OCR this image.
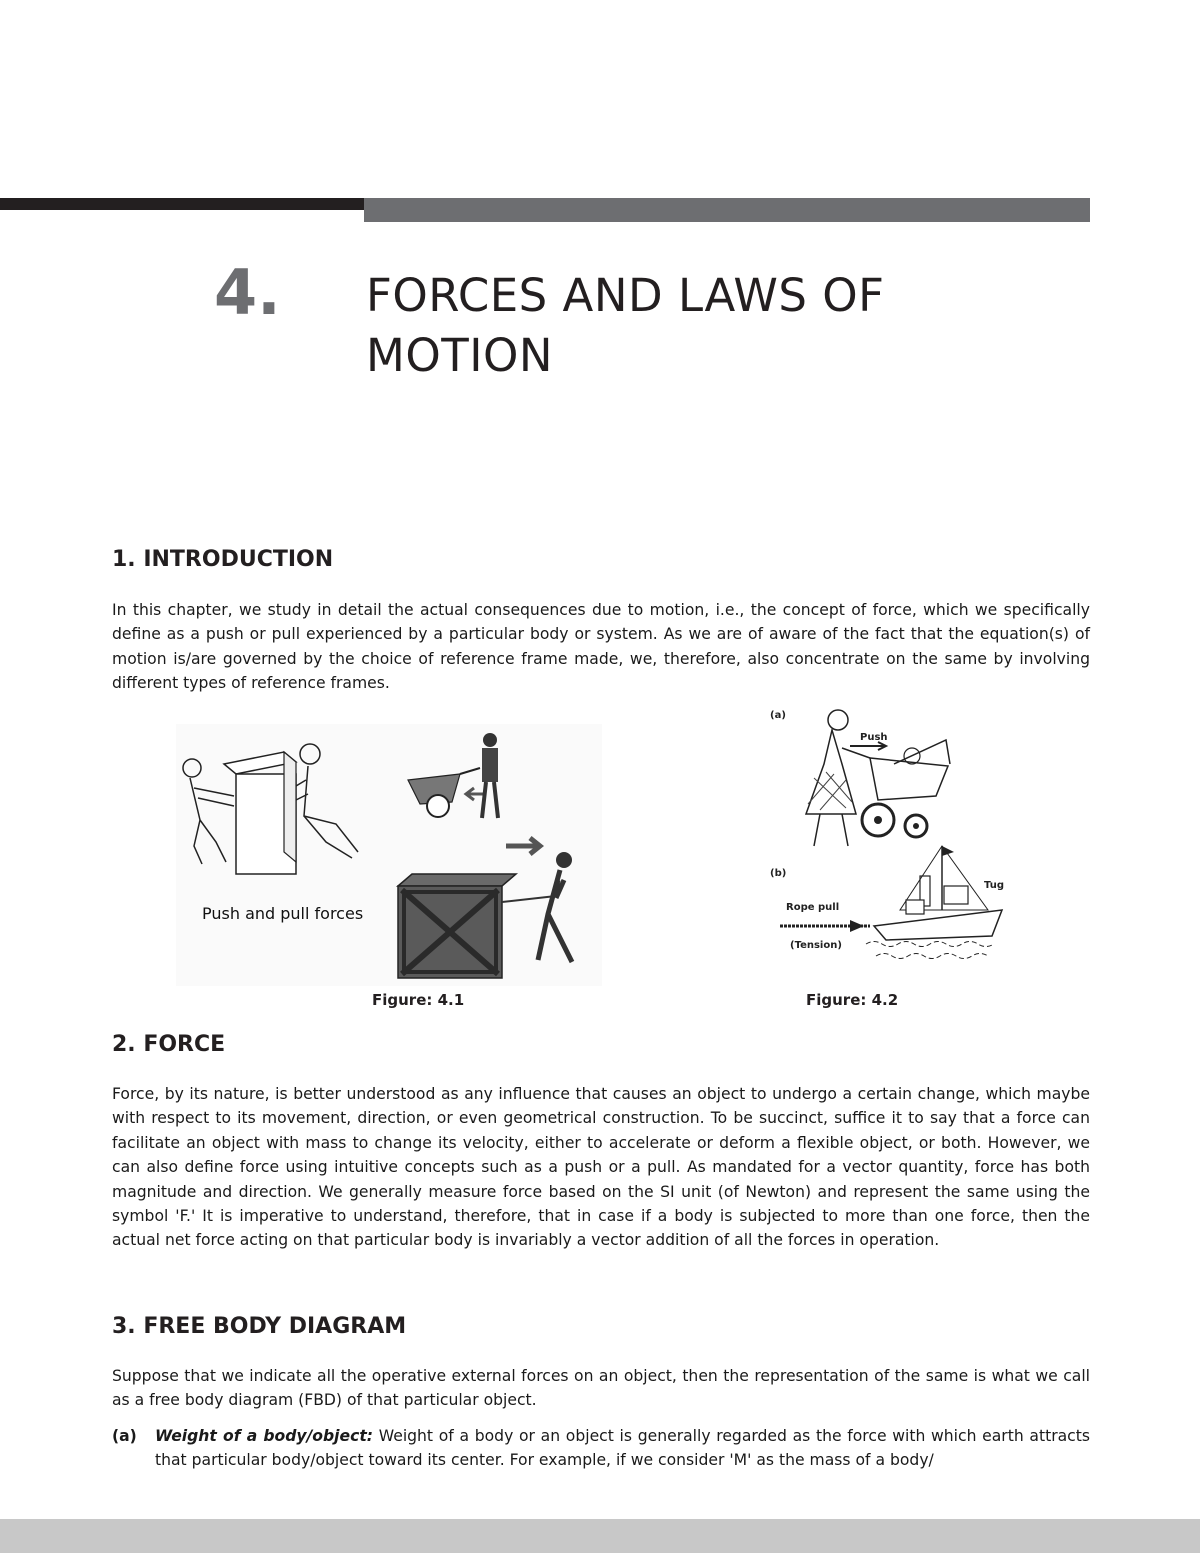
4. FORCES AND LAWS OF MOTION
1. INTRODUCTION

In this chapter, we study in detail the actual consequences due to motion, i.e., the concept of force, which we specifically define as a push or pull experienced by a particular body or system. As we are of aware of the fact that the equation(s) of motion is/are governed by the choice of reference frame made, we, therefore, also concentrate on the same by involving different types of reference frames.

Push and pull forces
Figure: 4.1
(a)
Push
(b)
Tug
Rope pull
(Tension)
Figure: 4.2
2. FORCE

Force, by its nature, is better understood as any influence that causes an object to undergo a certain change, which maybe with respect to its movement, direction, or even geometrical construction. To be succinct, suffice it to say that a force can facilitate an object with mass to change its velocity, either to accelerate or deform a flexible object, or both. However, we can also define force using intuitive concepts such as a push or a pull. As mandated for a vector quantity, force has both magnitude and direction. We generally measure force based on the SI unit (of Newton) and represent the same using the symbol 'F.' It is imperative to understand, therefore, that in case if a body is subjected to more than one force, then the actual net force acting on that particular body is invariably a vector addition of all the forces in operation.

3. FREE BODY DIAGRAM

Suppose that we indicate all the operative external forces on an object, then the representation of the same is what we call as a free body diagram (FBD) of that particular object.

(a) Weight of a body/object: Weight of a body or an object is generally regarded as the force with which earth attracts that particular body/object toward its center. For example, if we consider 'M' as the mass of a body/
